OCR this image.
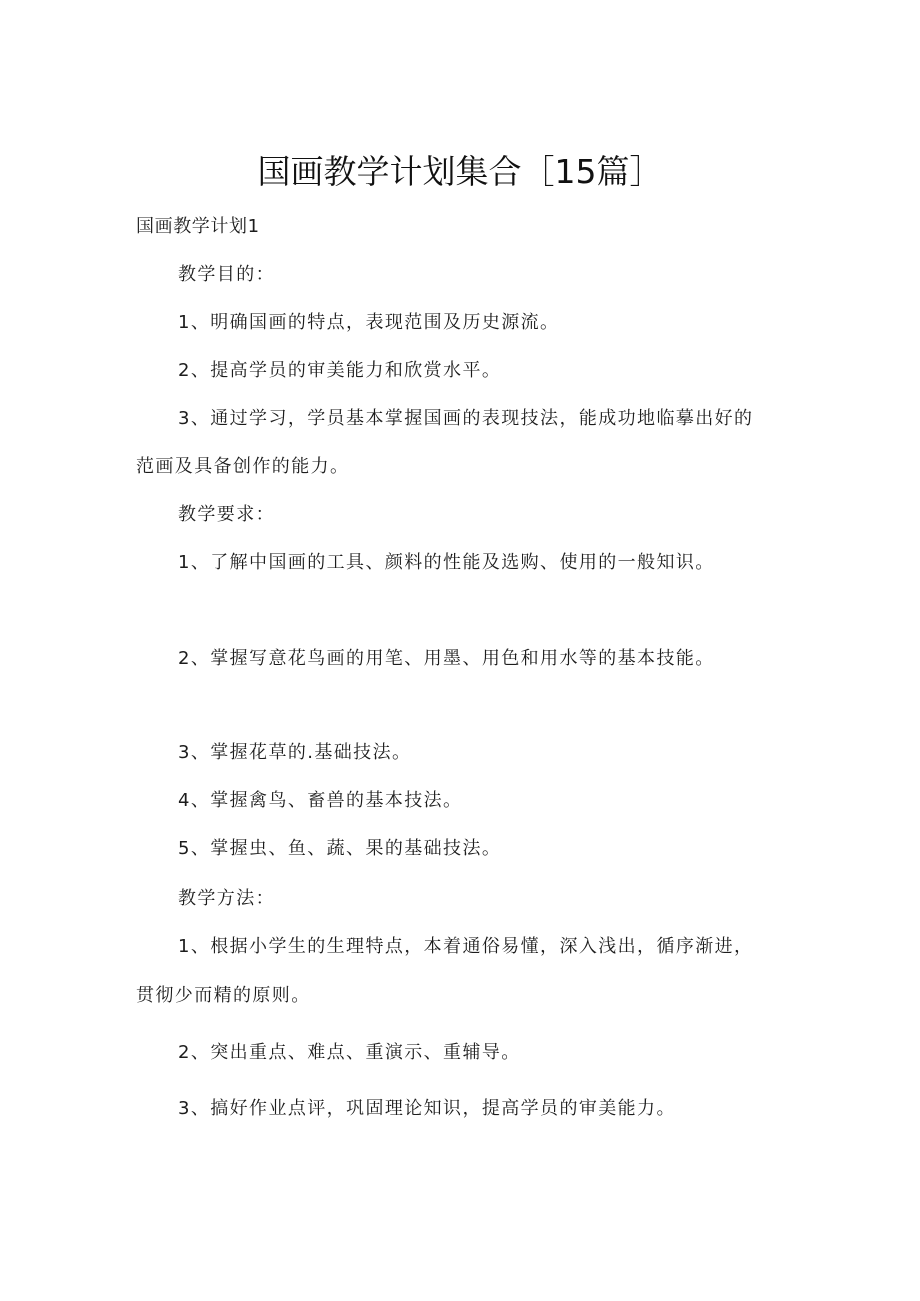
国画教学计划集合［15篇］
国画教学计划1
教学目的：
1、明确国画的特点，表现范围及历史源流。
2、提高学员的审美能力和欣赏水平。
3、通过学习，学员基本掌握国画的表现技法，能成功地临摹出好的
范画及具备创作的能力。
教学要求：
1、了解中国画的工具、颜料的性能及选购、使用的一般知识。
2、掌握写意花鸟画的用笔、用墨、用色和用水等的基本技能。
3、掌握花草的.基础技法。
4、掌握禽鸟、畜兽的基本技法。
5、掌握虫、鱼、蔬、果的基础技法。
教学方法：
1、根据小学生的生理特点，本着通俗易懂，深入浅出，循序渐进，
贯彻少而精的原则。
2、突出重点、难点、重演示、重辅导。
3、搞好作业点评，巩固理论知识，提高学员的审美能力。
